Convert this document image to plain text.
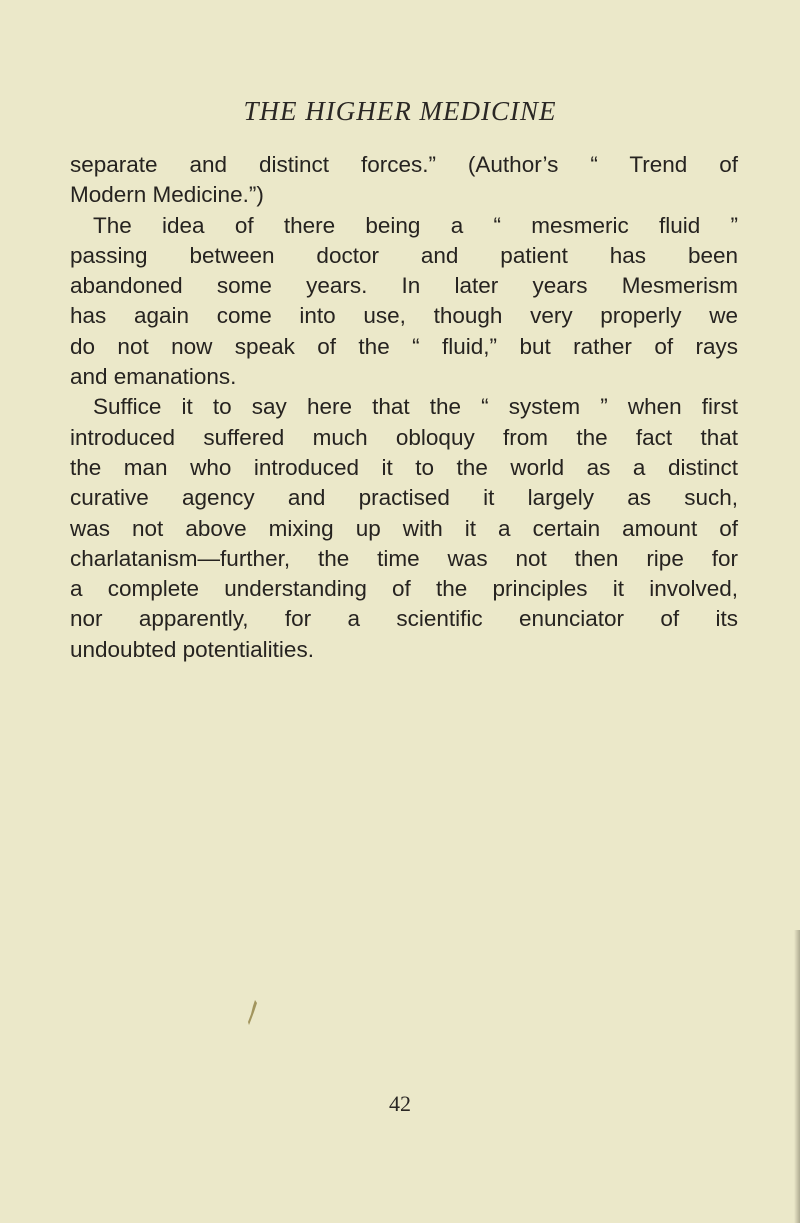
THE HIGHER MEDICINE
separate and distinct forces.” (Author’s “ Trend of
Modern Medicine.”)
The idea of there being a “ mesmeric fluid ”
passing between doctor and patient has been
abandoned some years. In later years Mesmerism
has again come into use, though very properly we
do not now speak of the “ fluid,” but rather of rays
and emanations.
Suffice it to say here that the “ system ” when first
introduced suffered much obloquy from the fact that
the man who introduced it to the world as a distinct
curative agency and practised it largely as such,
was not above mixing up with it a certain amount of
charlatanism—further, the time was not then ripe for
a complete understanding of the principles it involved,
nor apparently, for a scientific enunciator of its
undoubted potentialities.
42
